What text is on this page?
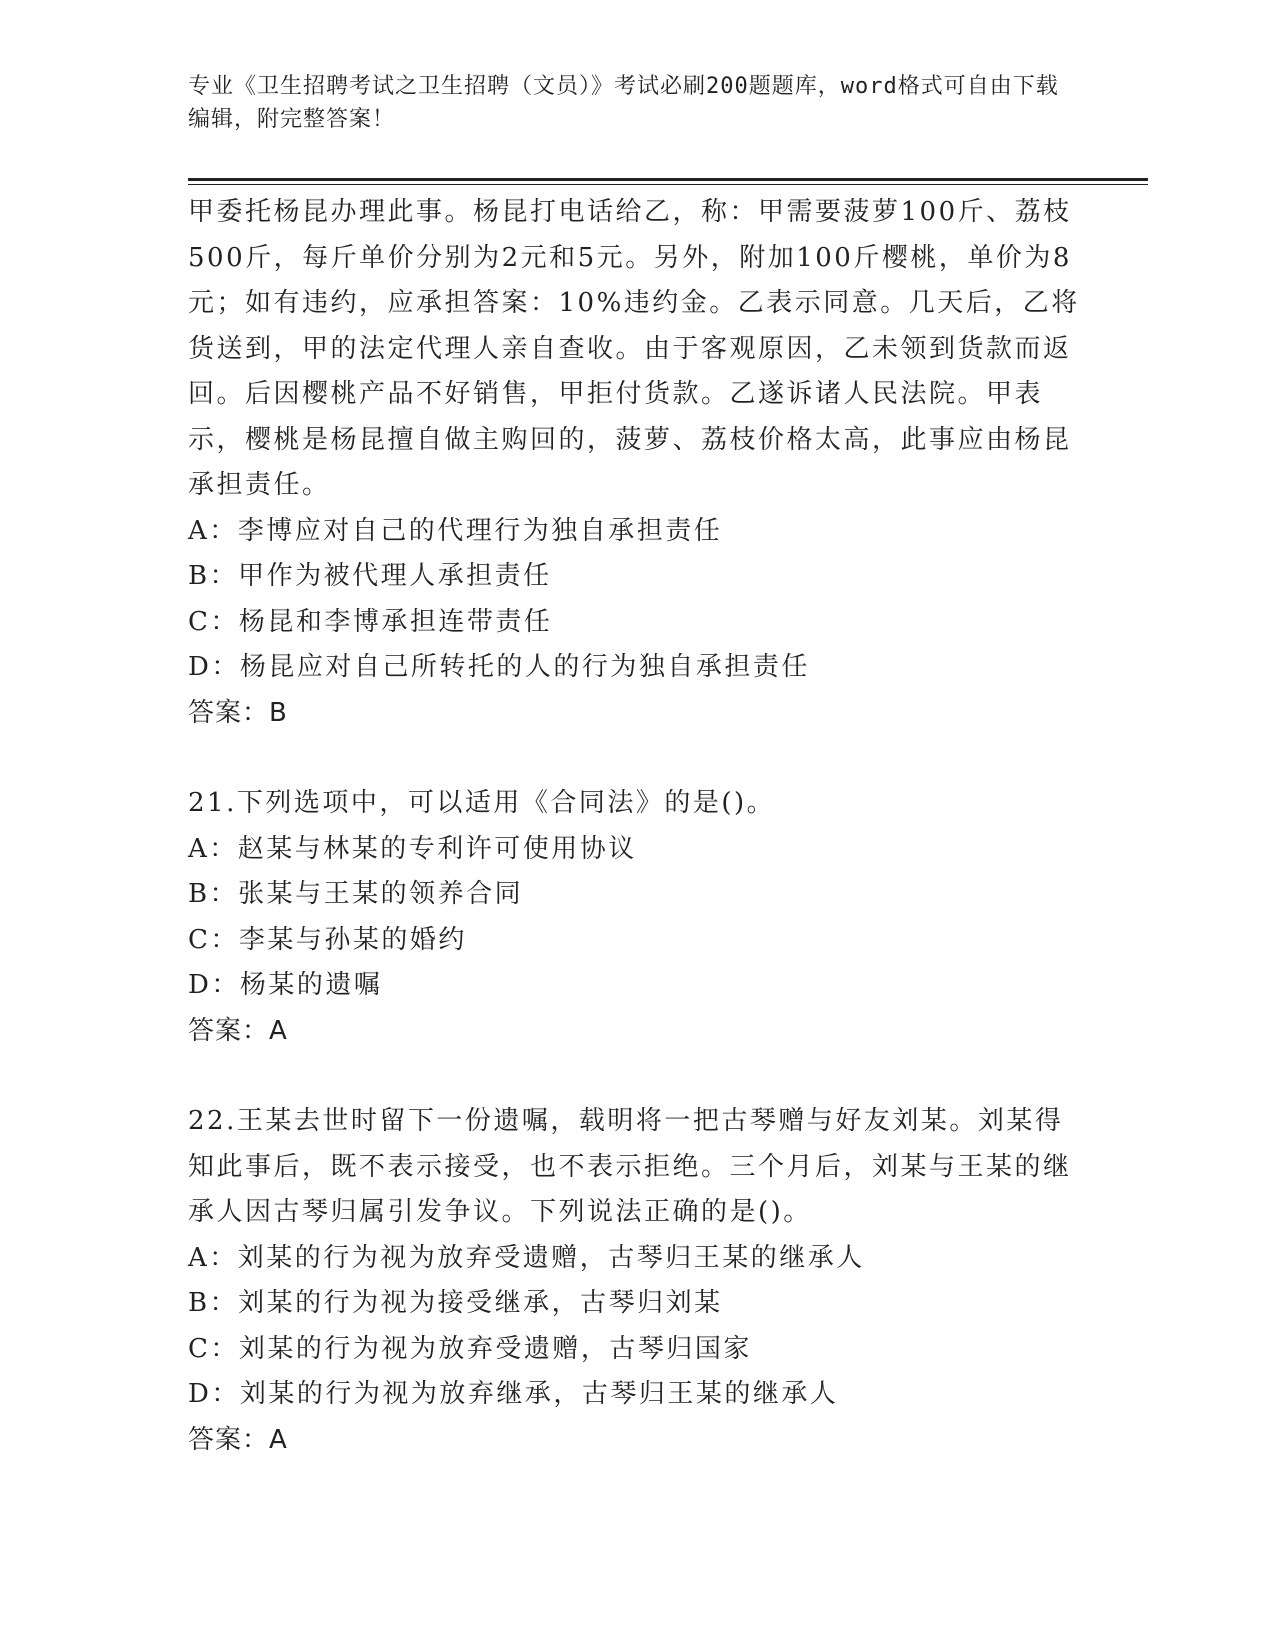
专业《卫生招聘考试之卫生招聘（文员）》考试必刷200题题库，word格式可自由下载编辑，附完整答案！

甲委托杨昆办理此事。杨昆打电话给乙，称：甲需要菠萝100斤、荔枝500斤，每斤单价分别为2元和5元。另外，附加100斤樱桃，单价为8元；如有违约，应承担答案：10%违约金。乙表示同意。几天后，乙将货送到，甲的法定代理人亲自查收。由于客观原因，乙未领到货款而返回。后因樱桃产品不好销售，甲拒付货款。乙遂诉诸人民法院。甲表示，樱桃是杨昆擅自做主购回的，菠萝、荔枝价格太高，此事应由杨昆承担责任。

A：李博应对自己的代理行为独自承担责任

B：甲作为被代理人承担责任

C：杨昆和李博承担连带责任

D：杨昆应对自己所转托的人的行为独自承担责任

答案：B

21.下列选项中，可以适用《合同法》的是()。

A：赵某与林某的专利许可使用协议

B：张某与王某的领养合同

C：李某与孙某的婚约

D：杨某的遗嘱

答案：A

22.王某去世时留下一份遗嘱，载明将一把古琴赠与好友刘某。刘某得知此事后，既不表示接受，也不表示拒绝。三个月后，刘某与王某的继承人因古琴归属引发争议。下列说法正确的是()。

A：刘某的行为视为放弃受遗赠，古琴归王某的继承人

B：刘某的行为视为接受继承，古琴归刘某

C：刘某的行为视为放弃受遗赠，古琴归国家

D：刘某的行为视为放弃继承，古琴归王某的继承人

答案：A
